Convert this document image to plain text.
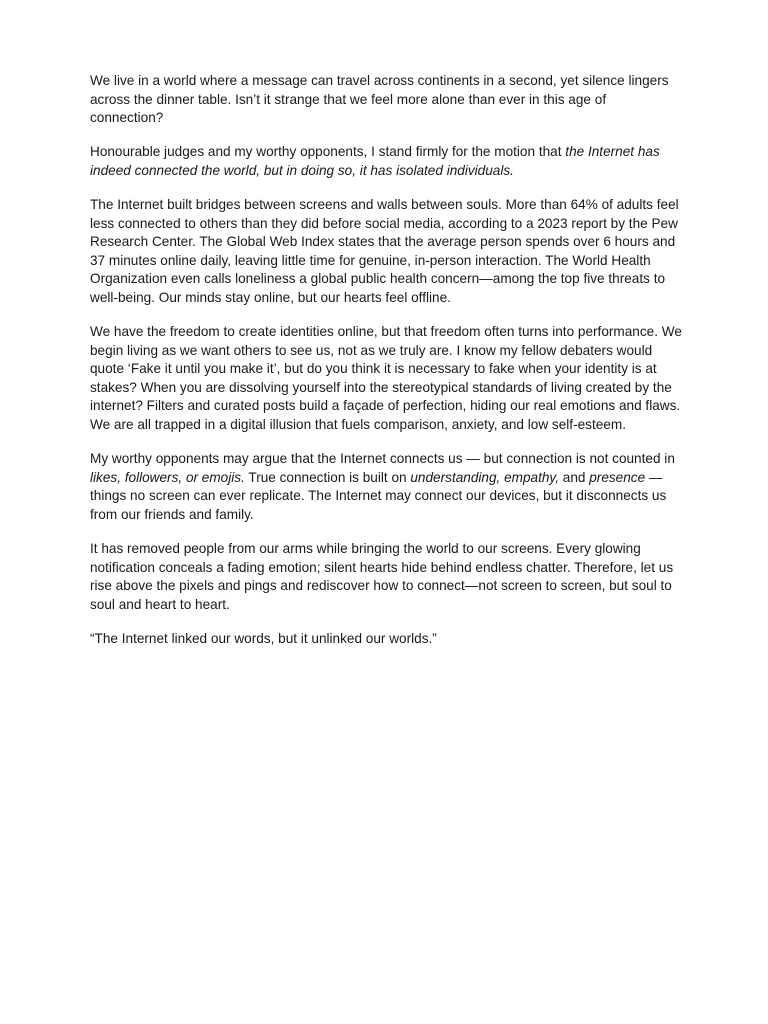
We live in a world where a message can travel across continents in a second, yet silence lingers across the dinner table. Isn’t it strange that we feel more alone than ever in this age of connection?

Honourable judges and my worthy opponents, I stand firmly for the motion that the Internet has indeed connected the world, but in doing so, it has isolated individuals.

The Internet built bridges between screens and walls between souls. More than 64% of adults feel less connected to others than they did before social media, according to a 2023 report by the Pew Research Center. The Global Web Index states that the average person spends over 6 hours and 37 minutes online daily, leaving little time for genuine, in-person interaction. The World Health Organization even calls loneliness a global public health concern—among the top five threats to well-being. Our minds stay online, but our hearts feel offline.

We have the freedom to create identities online, but that freedom often turns into performance. We begin living as we want others to see us, not as we truly are. I know my fellow debaters would quote ‘Fake it until you make it’, but do you think it is necessary to fake when your identity is at stakes? When you are dissolving yourself into the stereotypical standards of living created by the internet? Filters and curated posts build a façade of perfection, hiding our real emotions and flaws. We are all trapped in a digital illusion that fuels comparison, anxiety, and low self-esteem.

My worthy opponents may argue that the Internet connects us — but connection is not counted in likes, followers, or emojis. True connection is built on understanding, empathy, and presence — things no screen can ever replicate. The Internet may connect our devices, but it disconnects us from our friends and family.

It has removed people from our arms while bringing the world to our screens. Every glowing notification conceals a fading emotion; silent hearts hide behind endless chatter. Therefore, let us rise above the pixels and pings and rediscover how to connect—not screen to screen, but soul to soul and heart to heart.

“The Internet linked our words, but it unlinked our worlds.”
